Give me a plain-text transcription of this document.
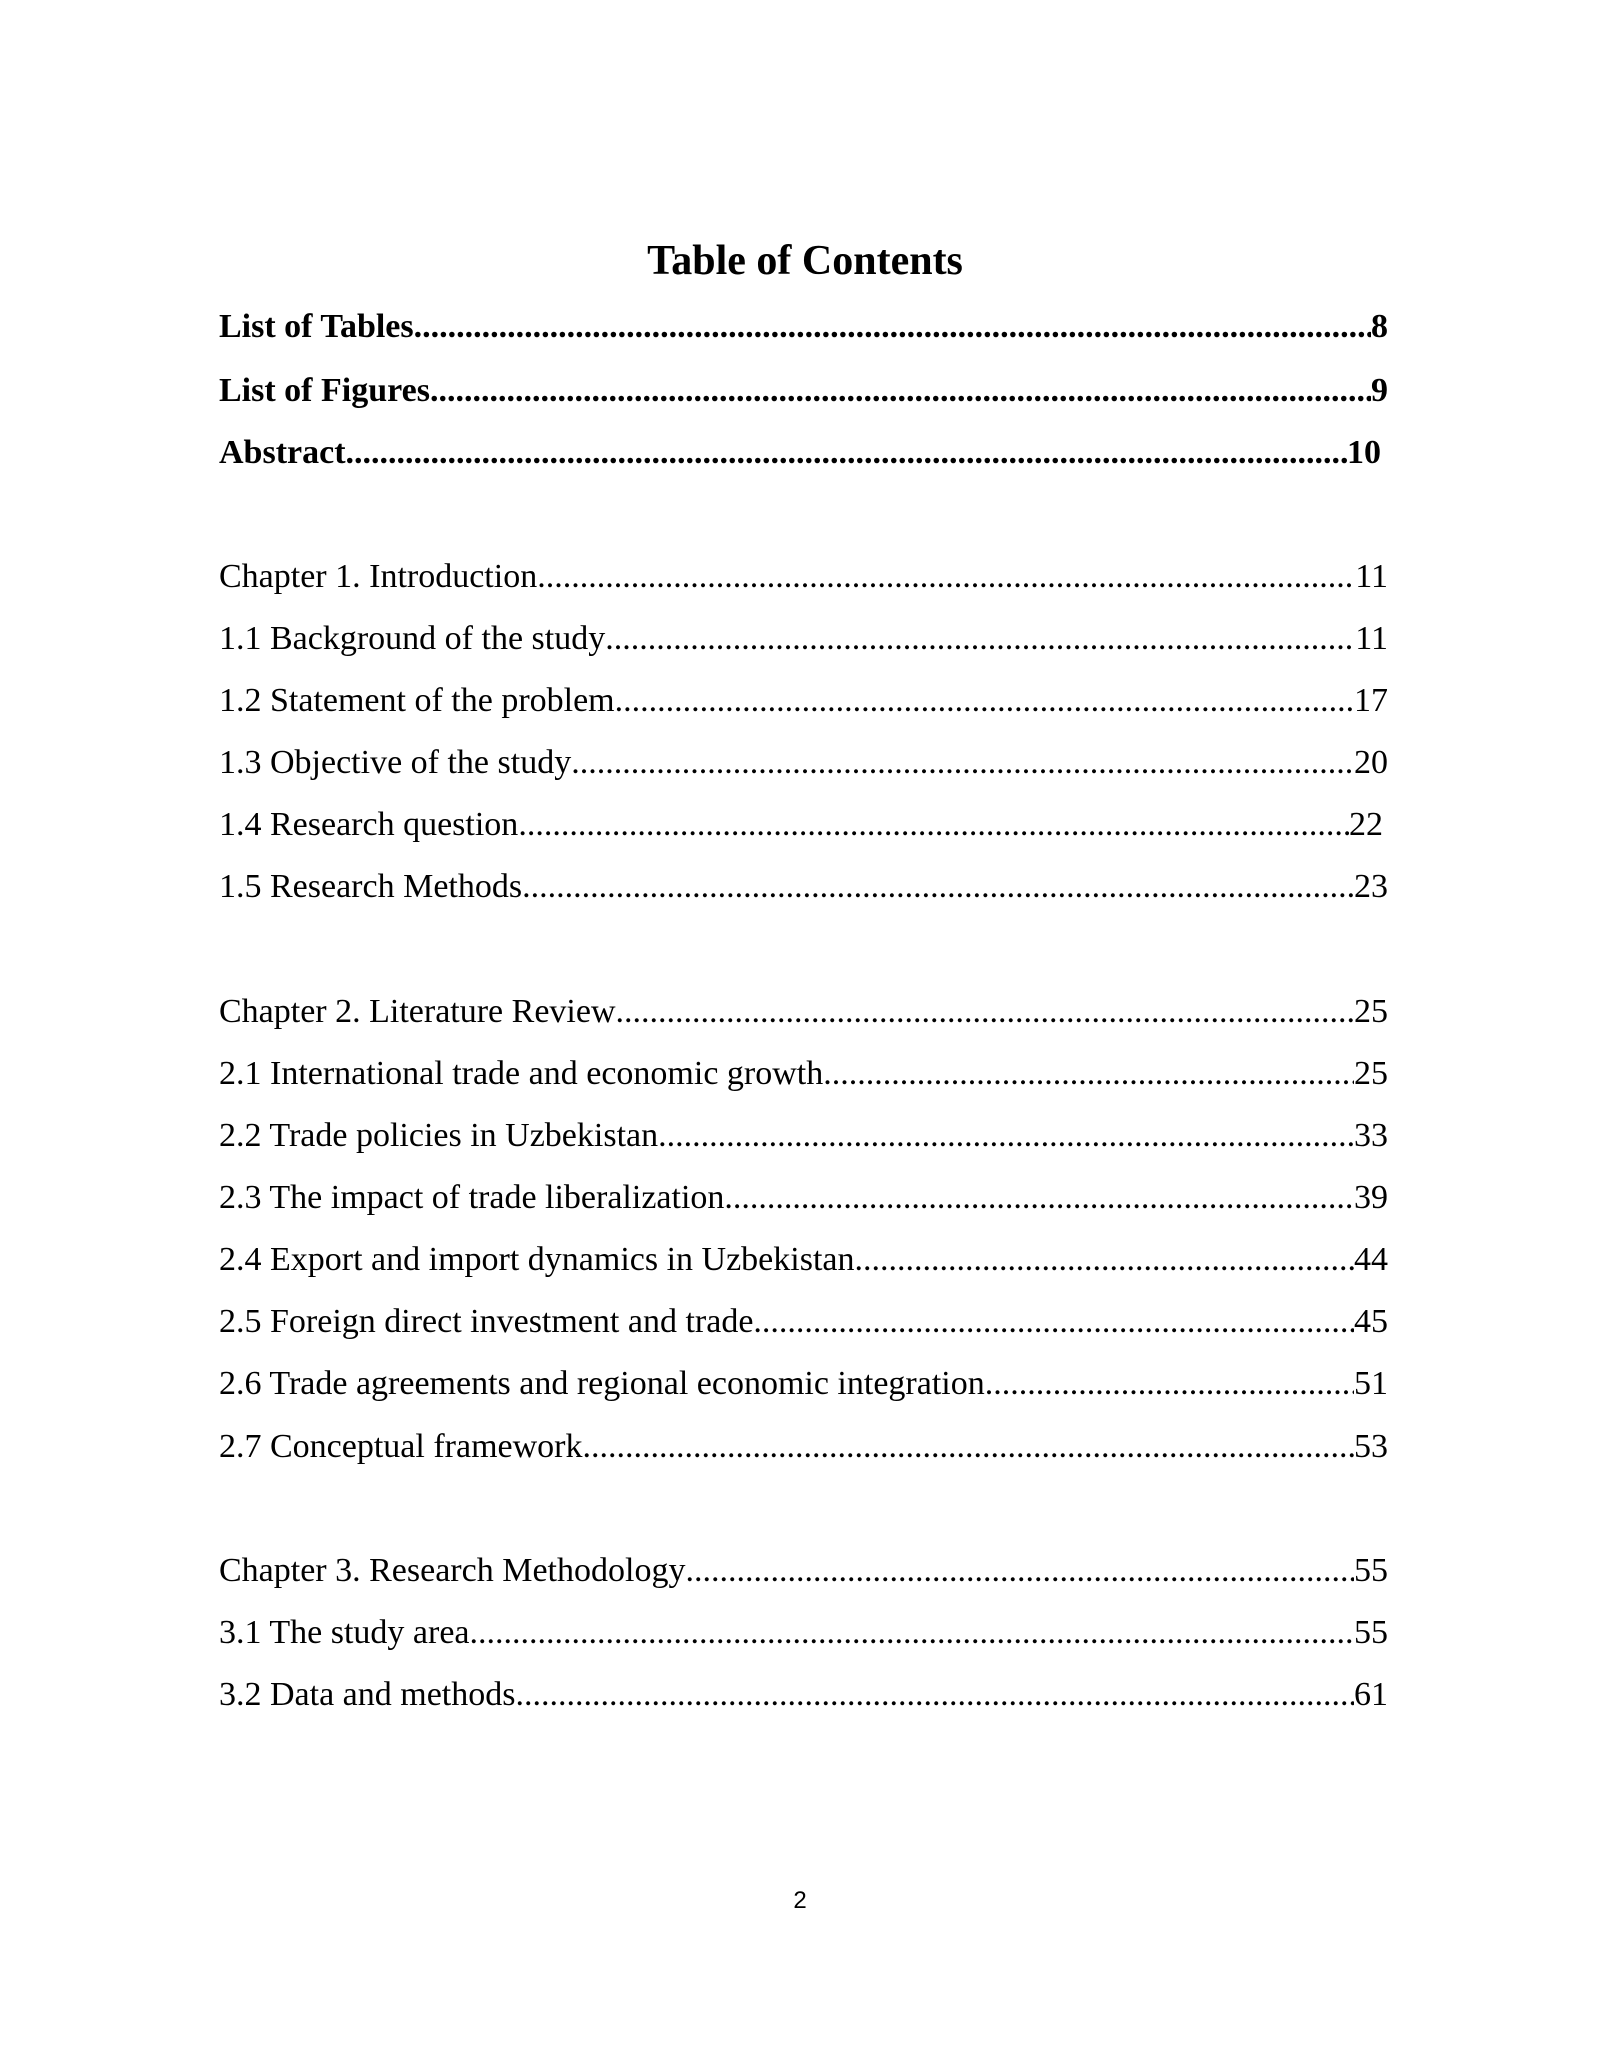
Table of Contents
List of Tables .....	8
List of Figures .....	9
Abstract .....	10
Chapter 1. Introduction .....	11
1.1 Background of the study .....	11
1.2 Statement of the problem .....	17
1.3 Objective of the study .....	20
1.4 Research question .....	22
1.5 Research Methods .....	23
Chapter 2. Literature Review .....	25
2.1 International trade and economic growth .....	25
2.2 Trade policies in Uzbekistan .....	33
2.3 The impact of trade liberalization .....	39
2.4 Export and import dynamics in Uzbekistan .....	44
2.5 Foreign direct investment and trade .....	45
2.6 Trade agreements and regional economic integration .....	51
2.7 Conceptual framework .....	53
Chapter 3. Research Methodology .....	55
3.1 The study area .....	55
3.2 Data and methods .....	61
2
